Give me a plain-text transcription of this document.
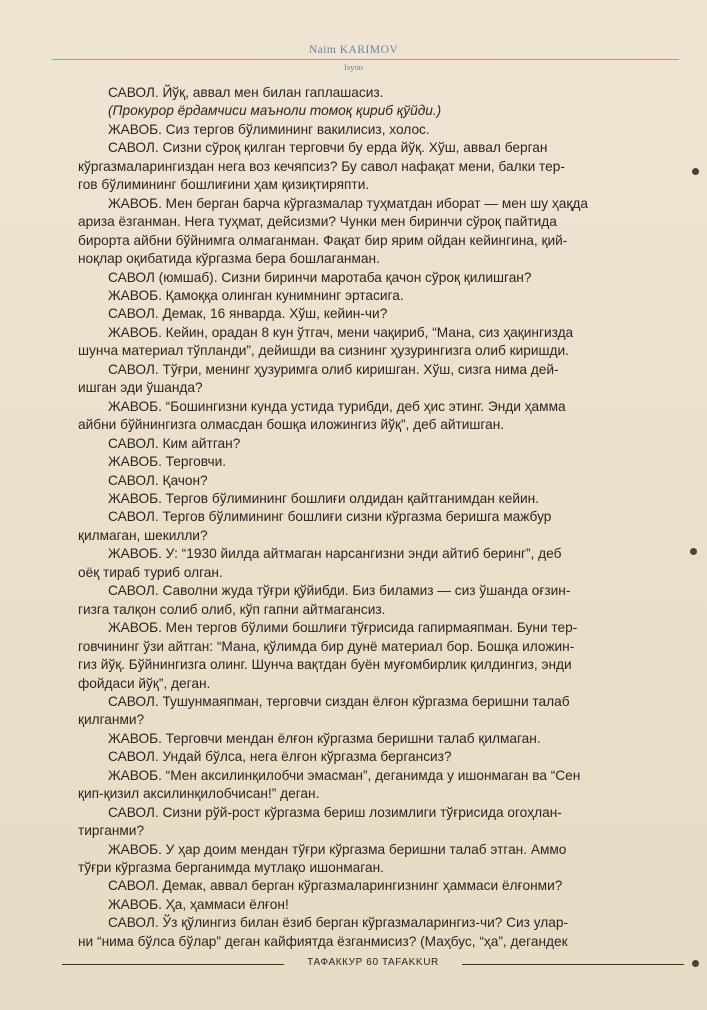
Naim KARIMOV
Isyon
САВОЛ. Йўқ, аввал мен билан гаплашасиз.
(Прокурор ёрдамчиси маъноли томоқ қириб қўйди.)
ЖАВОБ. Сиз тергов бўлимининг вакилисиз, холос.
САВОЛ. Сизни сўроқ қилган терговчи бу ерда йўқ. Хўш, аввал берган
кўргазмаларингиздан нега воз кечяпсиз? Бу савол нафақат мени, балки тер-
гов бўлимининг бошлиғини ҳам қизиқтиряпти.
ЖАВОБ. Мен берган барча кўргазмалар туҳматдан иборат — мен шу ҳақда
ариза ёзганман. Нега туҳмат, дейсизми? Чунки мен биринчи сўроқ пайтида
бирорта айбни бўйнимга олмаганман. Фақат бир ярим ойдан кейингина, қий-
ноқлар оқибатида кўргазма бера бошлаганман.
САВОЛ (юмшаб). Сизни биринчи маротаба қачон сўроқ қилишган?
ЖАВОБ. Қамоққа олинган кунимнинг эртасига.
САВОЛ. Демак, 16 январда. Хўш, кейин-чи?
ЖАВОБ. Кейин, орадан 8 кун ўтгач, мени чақириб, “Мана, сиз ҳақингизда
шунча материал тўпланди”, дейишди ва сизнинг ҳузурингизга олиб киришди.
САВОЛ. Тўғри, менинг ҳузуримга олиб киришган. Хўш, сизга нима дей-
ишган эди ўшанда?
ЖАВОБ. “Бошингизни кунда устида турибди, деб ҳис этинг. Энди ҳамма
айбни бўйнингизга олмасдан бошқа иложингиз йўқ”, деб айтишган.
САВОЛ. Ким айтган?
ЖАВОБ. Терговчи.
САВОЛ. Қачон?
ЖАВОБ. Тергов бўлимининг бошлиғи олдидан қайтганимдан кейин.
САВОЛ. Тергов бўлимининг бошлиғи сизни кўргазма беришга мажбур
қилмаган, шекилли?
ЖАВОБ. У: “1930 йилда айтмаган нарсангизни энди айтиб беринг”, деб
оёқ тираб туриб олган.
САВОЛ. Саволни жуда тўғри қўйибди. Биз биламиз — сиз ўшанда оғзин-
гизга талқон солиб олиб, кўп гапни айтмагансиз.
ЖАВОБ. Мен тергов бўлими бошлиғи тўғрисида гапирмаяпман. Буни тер-
говчининг ўзи айтган: “Мана, қўлимда бир дунё материал бор. Бошқа иложин-
гиз йўқ. Бўйнингизга олинг. Шунча вақтдан буён муғомбирлик қилдингиз, энди
фойдаси йўқ”, деган.
САВОЛ. Тушунмаяпман, терговчи сиздан ёлғон кўргазма беришни талаб
қилганми?
ЖАВОБ. Терговчи мендан ёлғон кўргазма беришни талаб қилмаган.
САВОЛ. Ундай бўлса, нега ёлғон кўргазма бергансиз?
ЖАВОБ. “Мен аксилинқилобчи эмасман”, деганимда у ишонмаган ва “Сен
қип-қизил аксилинқилобчисан!” деган.
САВОЛ. Сизни рўй-рост кўргазма бериш лозимлиги тўғрисида огоҳлан-
тирганми?
ЖАВОБ. У ҳар доим мендан тўғри кўргазма беришни талаб этган. Аммо
тўғри кўргазма берганимда мутлақо ишонмаган.
САВОЛ. Демак, аввал берган кўргазмаларингизнинг ҳаммаси ёлғонми?
ЖАВОБ. Ҳа, ҳаммаси ёлғон!
САВОЛ. Ўз қўлингиз билан ёзиб берган кўргазмаларингиз-чи? Сиз улар-
ни “нима бўлса бўлар” деган кайфиятда ёзганмисиз? (Маҳбус, “ҳа”, дегандек
ТАФАККУР 60 TAFAKKUR
